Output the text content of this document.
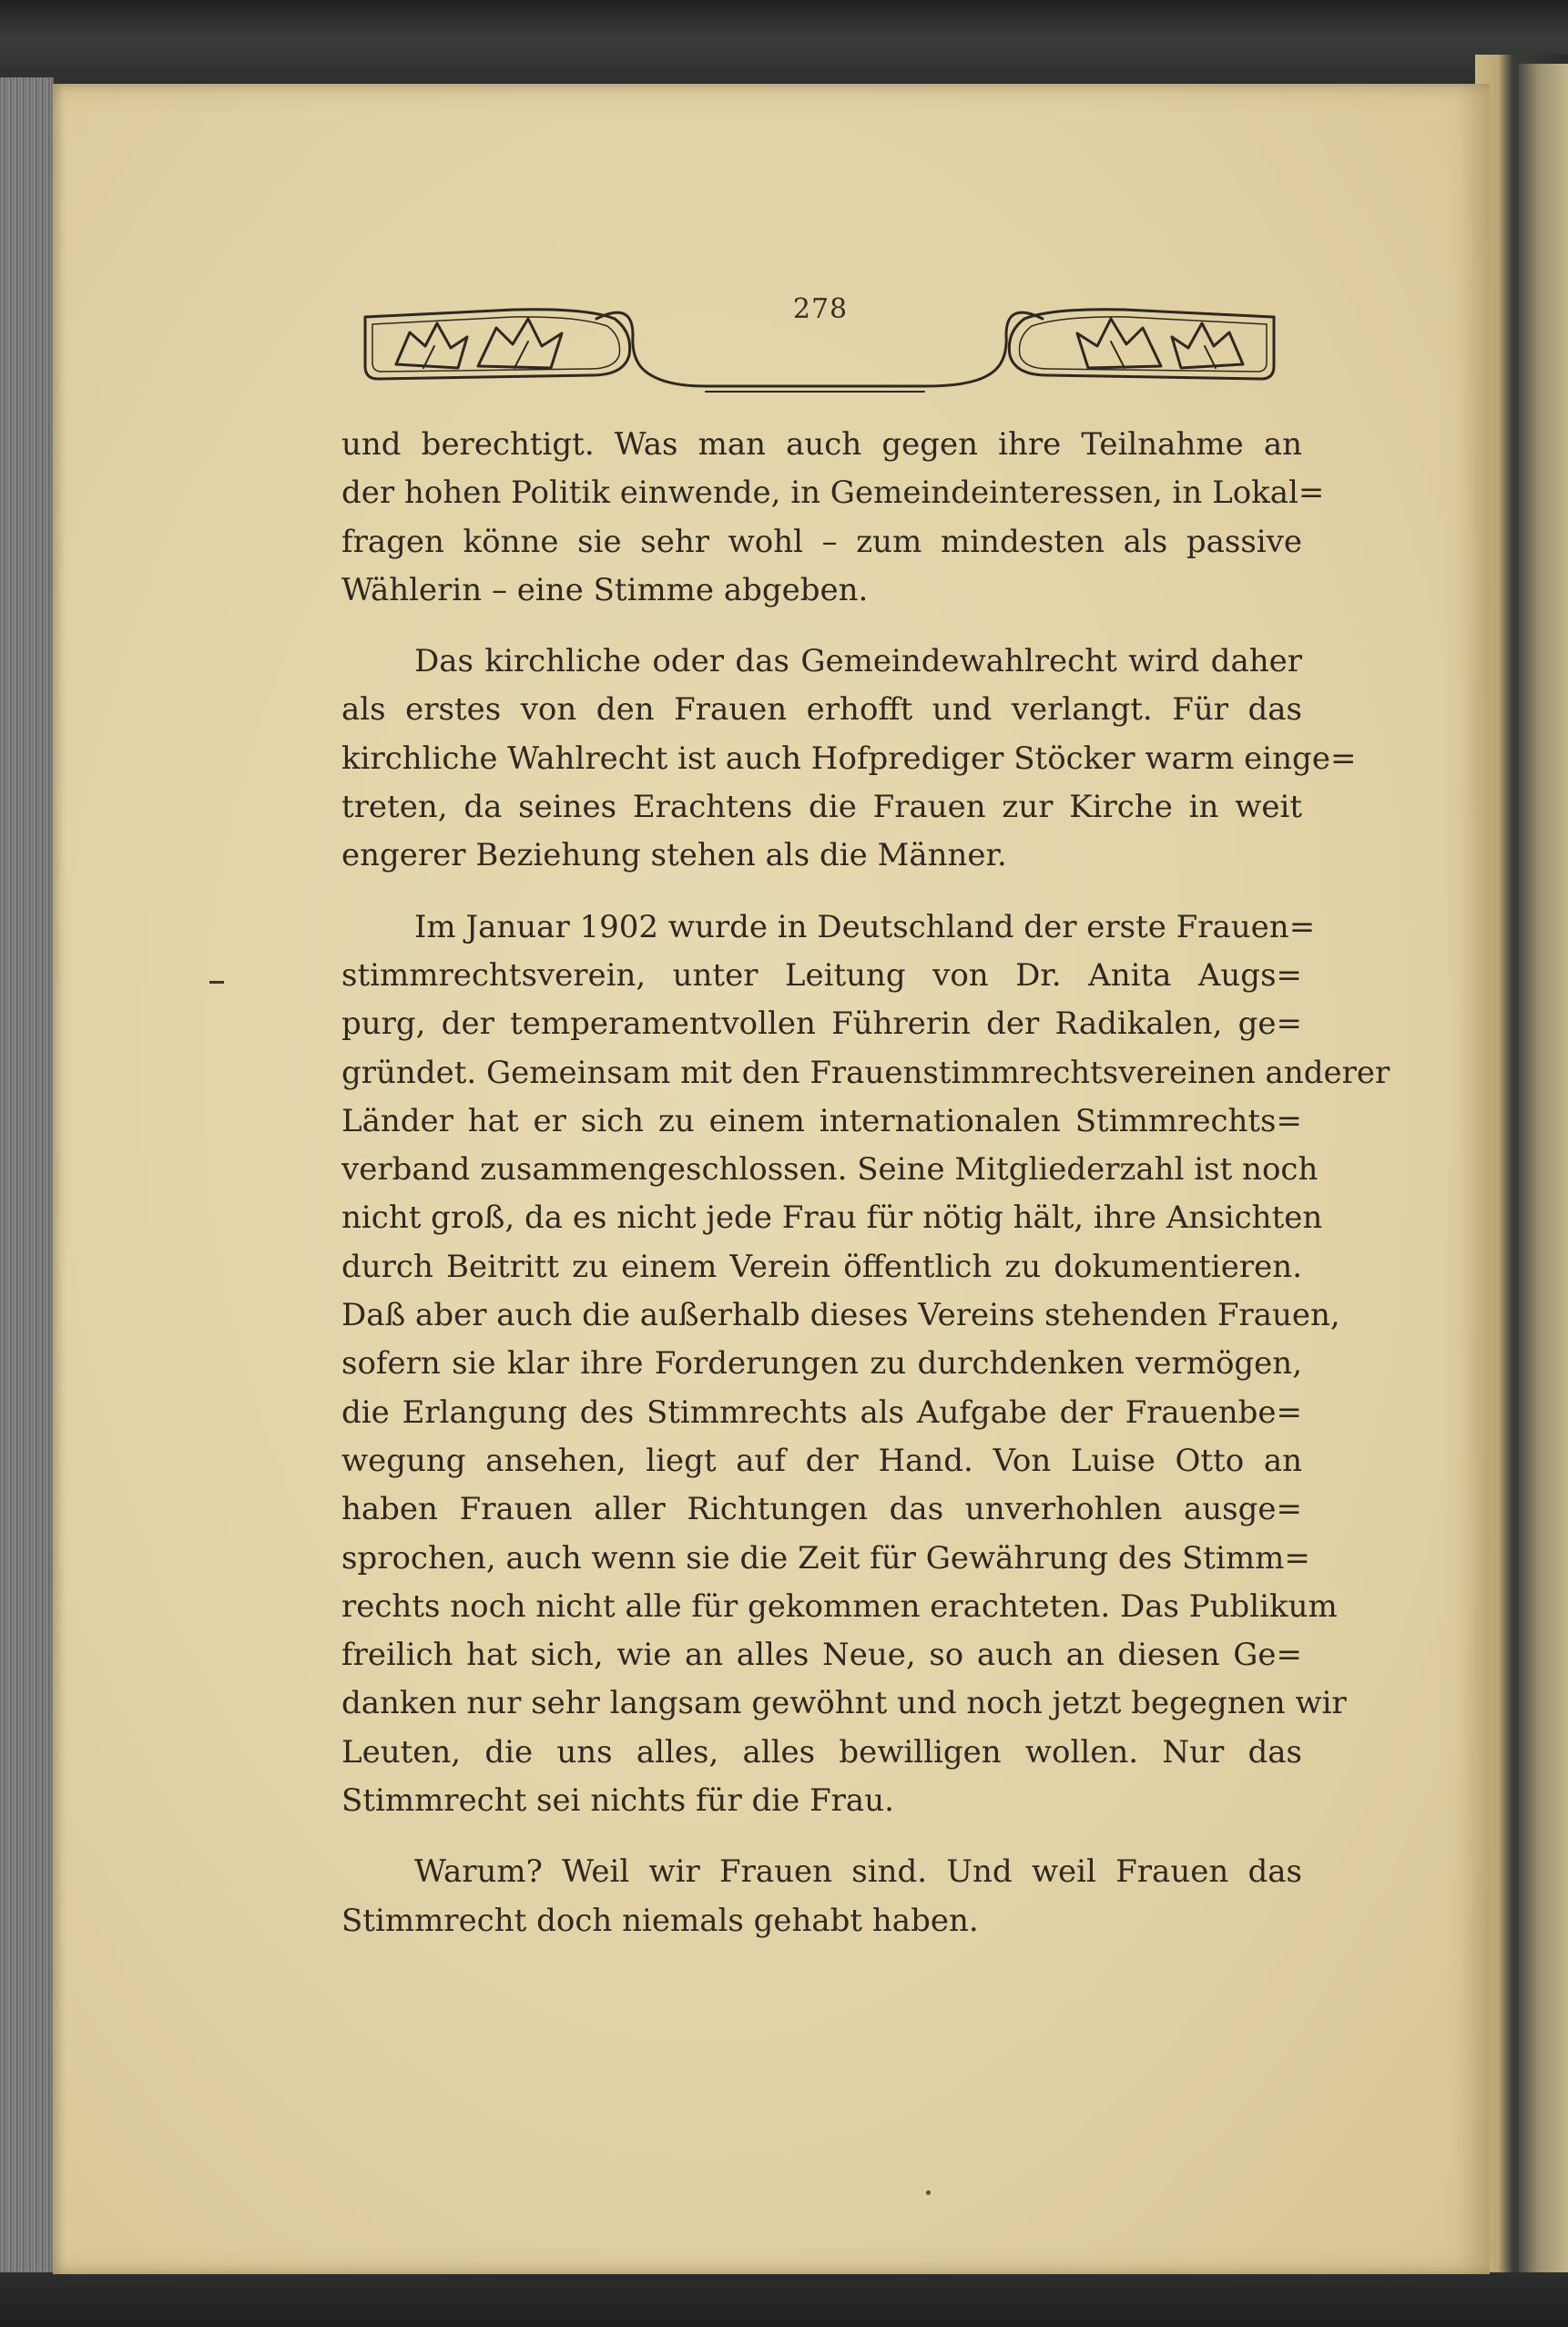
278
und berechtigt. Was man auch gegen ihre Teilnahme an
der hohen Politik einwende, in Gemeindeinteressen, in Lokal=
fragen könne sie sehr wohl – zum mindesten als passive
Wählerin – eine Stimme abgeben.
Das kirchliche oder das Gemeindewahlrecht wird daher
als erstes von den Frauen erhofft und verlangt. Für das
kirchliche Wahlrecht ist auch Hofprediger Stöcker warm einge=
treten, da seines Erachtens die Frauen zur Kirche in weit
engerer Beziehung stehen als die Männer.
Im Januar 1902 wurde in Deutschland der erste Frauen=
stimmrechtsverein, unter Leitung von Dr. Anita Augs=
purg, der temperamentvollen Führerin der Radikalen, ge=
gründet. Gemeinsam mit den Frauenstimmrechtsvereinen anderer
Länder hat er sich zu einem internationalen Stimmrechts=
verband zusammengeschlossen. Seine Mitgliederzahl ist noch
nicht groß, da es nicht jede Frau für nötig hält, ihre Ansichten
durch Beitritt zu einem Verein öffentlich zu dokumentieren.
Daß aber auch die außerhalb dieses Vereins stehenden Frauen,
sofern sie klar ihre Forderungen zu durchdenken vermögen,
die Erlangung des Stimmrechts als Aufgabe der Frauenbe=
wegung ansehen, liegt auf der Hand. Von Luise Otto an
haben Frauen aller Richtungen das unverhohlen ausge=
sprochen, auch wenn sie die Zeit für Gewährung des Stimm=
rechts noch nicht alle für gekommen erachteten. Das Publikum
freilich hat sich, wie an alles Neue, so auch an diesen Ge=
danken nur sehr langsam gewöhnt und noch jetzt begegnen wir
Leuten, die uns alles, alles bewilligen wollen. Nur das
Stimmrecht sei nichts für die Frau.
Warum? Weil wir Frauen sind. Und weil Frauen das
Stimmrecht doch niemals gehabt haben.
